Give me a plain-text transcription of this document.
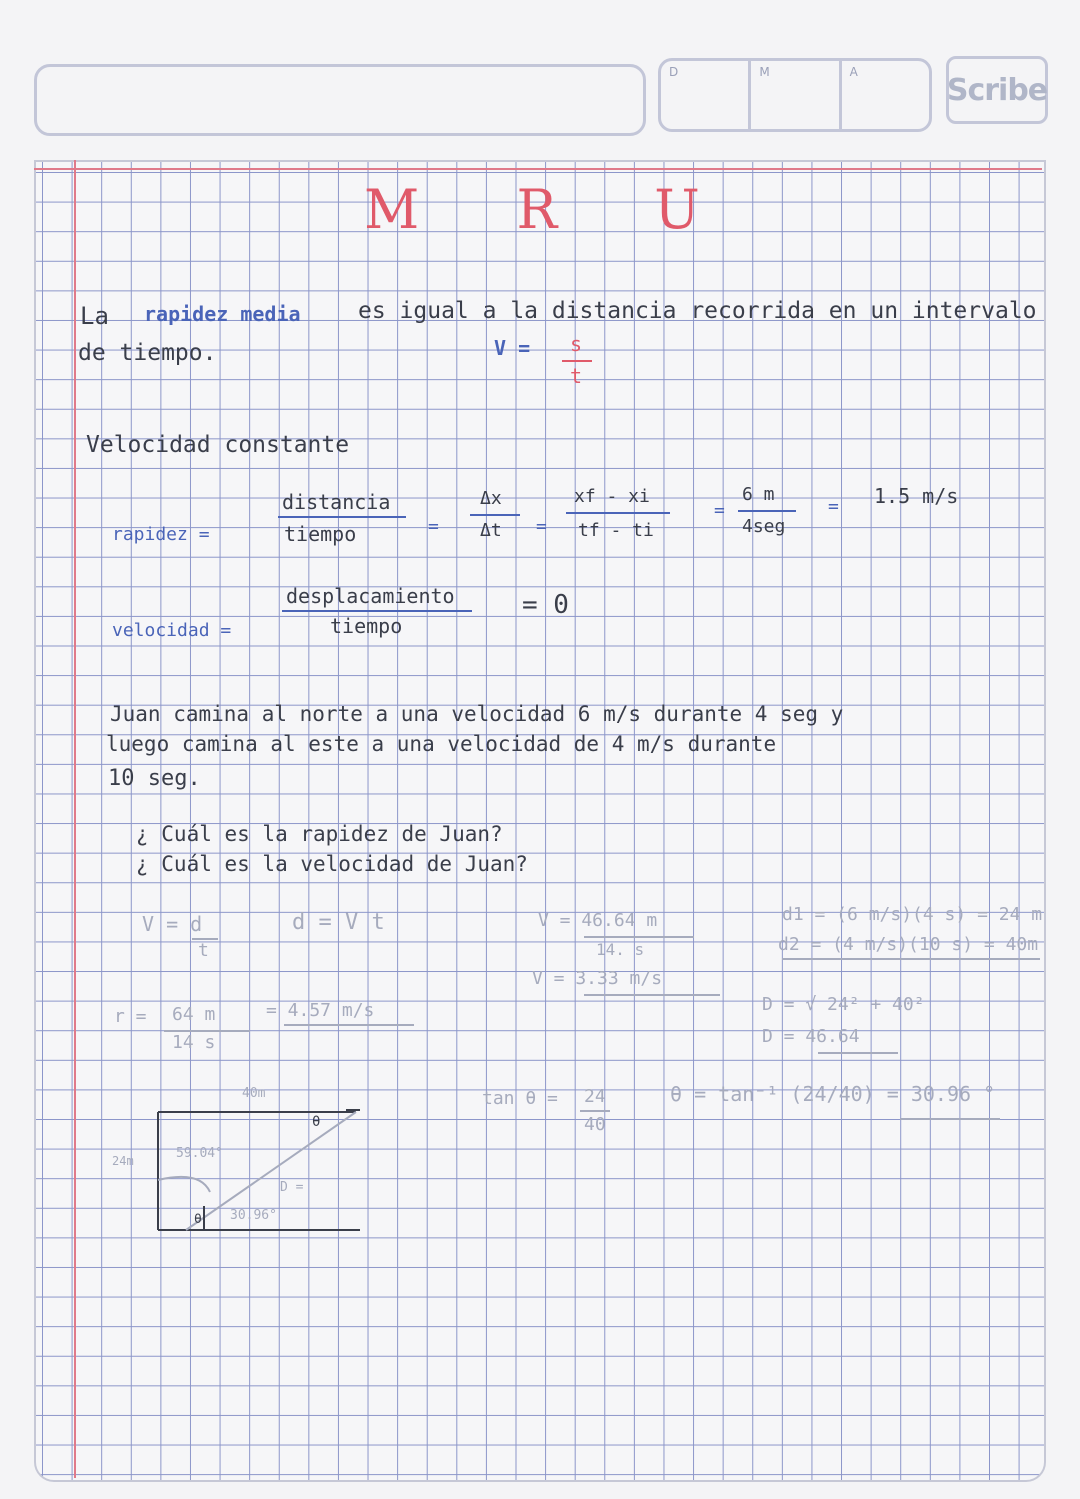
D	M	A
Scribe
M R U
La rapidez media es igual a la distancia recorrida en un intervalo
de tiempo.	V = s
t
Velocidad constante
rapidez =
distancia
tiempo	=
Δx
Δt =
xf - xi
tf - ti
=
6 m
4seg
= 1.5 m/s
velocidad =
desplacamiento
tiempo
= 0
Juan camina al norte a una velocidad 6 m/s durante 4 seg y
luego camina al este a una velocidad de 4 m/s durante
10 seg.
¿ Cuál es la rapidez de Juan?
¿ Cuál es la velocidad de Juan?
V = d
t
d = V t
r = 64 m
14 s
= 4.57 m/s
V = 46.64 m
14. s
V = 3.33 m/s
d1 = (6 m/s)(4 s) = 24 m
d2 = (4 m/s)(10 s) = 40m
D = √ 24² + 40²
D = 46.64
tan θ = 24
40
θ = tan⁻¹ (24/40) = 30.96 °
40m
24m	59.04°
θ
θ
D =
30.96°
